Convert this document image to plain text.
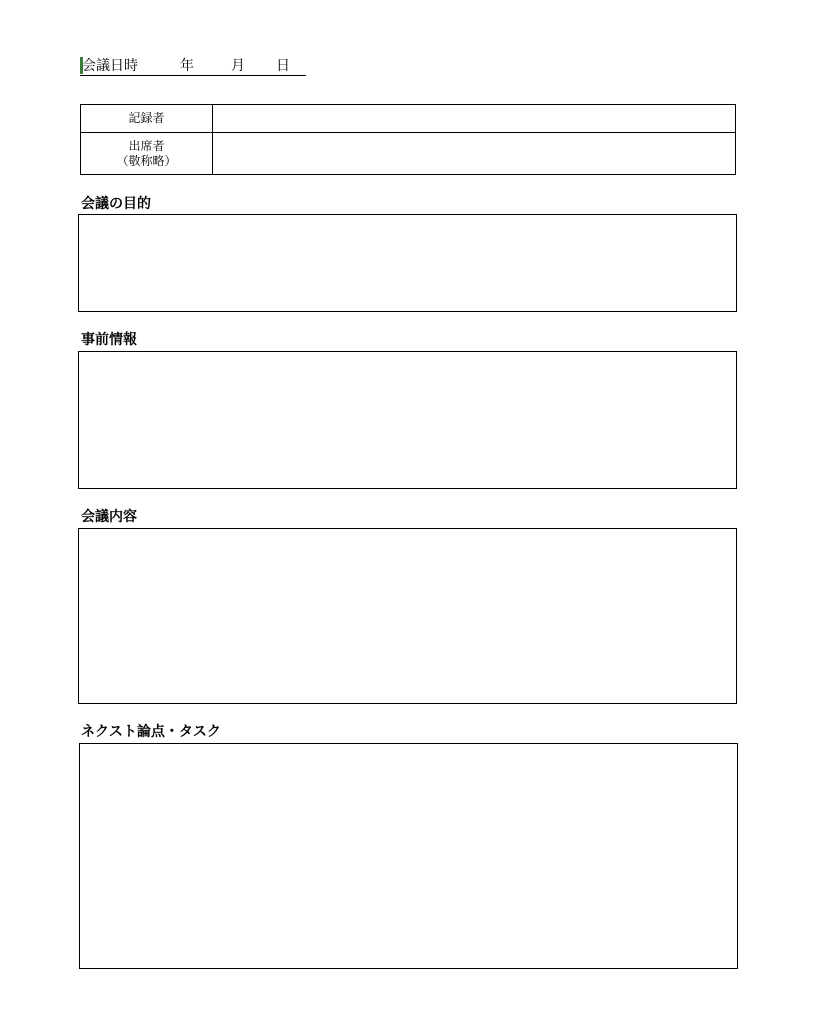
会議日時	年	月 日
記録者	

出席者
（敬称略）	

会議の目的
事前情報
会議内容
ネクスト論点・タスク
